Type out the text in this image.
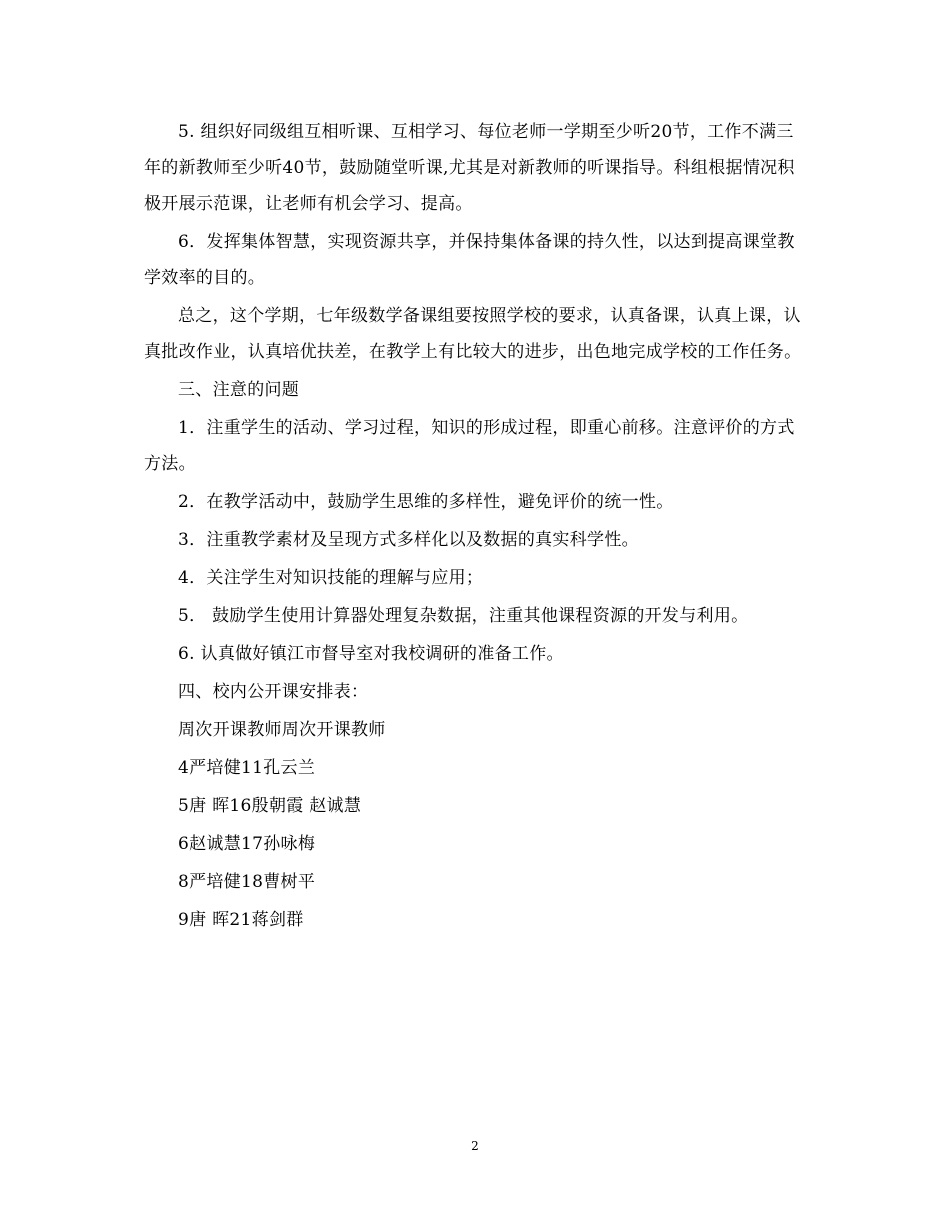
5. 组织好同级组互相听课、互相学习、每位老师一学期至少听20节，工作不满三年的新教师至少听40节，鼓励随堂听课,尤其是对新教师的听课指导。科组根据情况积极开展示范课，让老师有机会学习、提高。

6．发挥集体智慧，实现资源共享，并保持集体备课的持久性，以达到提高课堂教学效率的目的。

总之，这个学期，七年级数学备课组要按照学校的要求，认真备课，认真上课，认真批改作业，认真培优扶差，在教学上有比较大的进步，出色地完成学校的工作任务。

三、注意的问题

1．注重学生的活动、学习过程，知识的形成过程，即重心前移。注意评价的方式方法。

2．在教学活动中，鼓励学生思维的多样性，避免评价的统一性。

3．注重教学素材及呈现方式多样化以及数据的真实科学性。

4．关注学生对知识技能的理解与应用；

5． 鼓励学生使用计算器处理复杂数据，注重其他课程资源的开发与利用。

6. 认真做好镇江市督导室对我校调研的准备工作。

四、校内公开课安排表：

周次开课教师周次开课教师

4严培健11孔云兰

5唐 晖16殷朝霞 赵诚慧

6赵诚慧17孙咏梅

8严培健18曹树平

9唐 晖21蒋剑群

2
